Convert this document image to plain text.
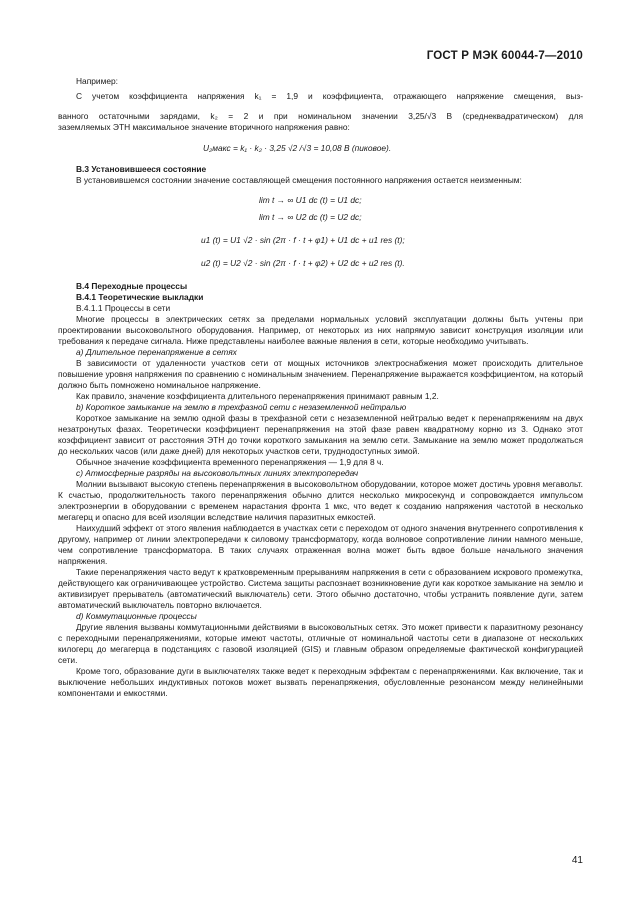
ГОСТ Р МЭК 60044-7—2010

Например:

С учетом коэффициента напряжения k₁ = 1,9 и коэффициента, отражающего напряжение смещения, выз-

ванного остаточными зарядами, k₂ = 2 и при номинальном значении 3,25/√3 В (среднеквадратическом) для

заземляемых ЭТН максимальное значение вторичного напряжения равно:

U₂макс = k₁ · k₂ · 3,25 √2 /√3 = 10,08 В (пиковое).

В.3 Установившееся состояние

В установившемся состоянии значение составляющей смещения постоянного напряжения остается неизменным:

lim t → ∞ U1 dc (t) = U1 dc;

lim t → ∞ U2 dc (t) = U2 dc;

u1 (t) = U1 √2 · sin (2π · f · t + φ1) + U1 dc + u1 res (t);

u2 (t) = U2 √2 · sin (2π · f · t + φ2) + U2 dc + u2 res (t).

В.4 Переходные процессы

В.4.1 Теоретические выкладки

В.4.1.1 Процессы в сети

Многие процессы в электрических сетях за пределами нормальных условий эксплуатации должны быть учтены при проектировании высоковольтного оборудования. Например, от некоторых из них напрямую зависит конструкция изоляции или требования к передаче сигнала. Ниже представлены наиболее важные явления в сети, которые необходимо учитывать.

а) Длительное перенапряжение в сетях

В зависимости от удаленности участков сети от мощных источников электроснабжения может происходить длительное повышение уровня напряжения по сравнению с номинальным значением. Перенапряжение выражается коэффициентом, на который должно быть помножено номинальное напряжение.

Как правило, значение коэффициента длительного перенапряжения принимают равным 1,2.

b) Короткое замыкание на землю в трехфазной сети с незаземленной нейтралью

Короткое замыкание на землю одной фазы в трехфазной сети с незаземленной нейтралью ведет к перенапряжениям на двух незатронутых фазах. Теоретически коэффициент перенапряжения на этой фазе равен квадратному корню из 3. Однако этот коэффициент зависит от расстояния ЭТН до точки короткого замыкания на землю сети. Замыкание на землю может продолжаться до нескольких часов (или даже дней) для некоторых участков сети, труднодоступных зимой.

Обычное значение коэффициента временного перенапряжения — 1,9 для 8 ч.

c) Атмосферные разряды на высоковольтных линиях электропередач

Молнии вызывают высокую степень перенапряжения в высоковольтном оборудовании, которое может достичь уровня мегавольт. К счастью, продолжительность такого перенапряжения обычно длится несколько микросекунд и сопровождается импульсом электроэнергии в оборудовании с временем нарастания фронта 1 мкс, что ведет к созданию напряжения частотой в несколько мегагерц и опасно для всей изоляции вследствие наличия паразитных емкостей.

Наихудший эффект от этого явления наблюдается в участках сети с переходом от одного значения внутреннего сопротивления к другому, например от линии электропередачи к силовому трансформатору, когда волновое сопротивление линии намного меньше, чем сопротивление трансформатора. В таких случаях отраженная волна может быть вдвое больше начального значения напряжения.

Такие перенапряжения часто ведут к кратковременным прерываниям напряжения в сети с образованием искрового промежутка, действующего как ограничивающее устройство. Система защиты распознает возникновение дуги как короткое замыкание на землю и активизирует прерыватель (автоматический выключатель) сети. Этого обычно достаточно, чтобы устранить появление дуги, затем автоматический выключатель повторно включается.

d) Коммутационные процессы

Другие явления вызваны коммутационными действиями в высоковольтных сетях. Это может привести к паразитному резонансу с переходными перенапряжениями, которые имеют частоты, отличные от номинальной частоты сети в диапазоне от нескольких килогерц до мегагерца в подстанциях с газовой изоляцией (GIS) и главным образом определяемые фактической конфигурацией сети.

Кроме того, образование дуги в выключателях также ведет к переходным эффектам с перенапряжениями. Как включение, так и выключение небольших индуктивных потоков может вызвать перенапряжения, обусловленные резонансом между нелинейными компонентами и емкостями.

41
